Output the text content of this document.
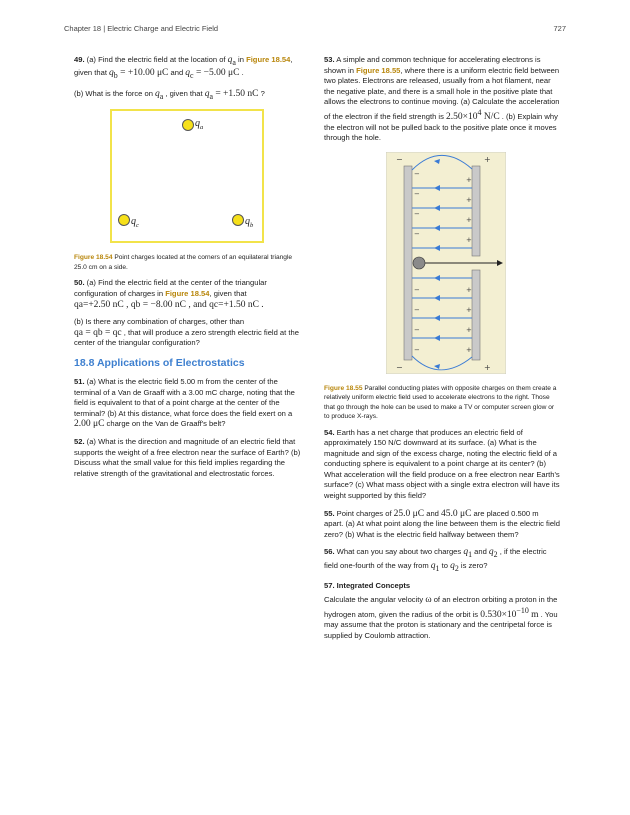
Chapter 18 | Electric Charge and Electric Field	727

49. (a) Find the electric field at the location of $q_a$ in Figure 18.54, given that $q_b = +10.00$ μC and $q_c = -5.00$ μC .

(b) What is the force on $q_a$ , given that $q_a = +1.50$ nC ?

$q_a$
$q_c$	$q_b$

Figure 18.54 Point charges located at the corners of an equilateral triangle 25.0 cm on a side.

50. (a) Find the electric field at the center of the triangular configuration of charges in Figure 18.54, given that
qa=+2.50 nC , qb = −8.00 nC , and qc=+1.50 nC .

(b) Is there any combination of charges, other than
qa = qb = qc , that will produce a zero strength electric field at the center of the triangular configuration?

18.8 Applications of Electrostatics

51. (a) What is the electric field 5.00 m from the center of the terminal of a Van de Graaff with a 3.00 mC charge, noting that the field is equivalent to that of a point charge at the center of the terminal? (b) At this distance, what force does the field exert on a 2.00 μC charge on the Van de Graaff's belt?

52. (a) What is the direction and magnitude of an electric field that supports the weight of a free electron near the surface of Earth? (b) Discuss what the small value for this field implies regarding the relative strength of the gravitational and electrostatic forces.

53. A simple and common technique for accelerating electrons is shown in Figure 18.55, where there is a uniform electric field between two plates. Electrons are released, usually from a hot filament, near the negative plate, and there is a small hole in the positive plate that allows the electrons to continue moving. (a) Calculate the acceleration of the electron if the field strength is $2.50\times 10^4$ N/C . (b) Explain why the electron will not be pulled back to the positive plate once it moves through the hole.

−
−
+
+
−
−
−
−
−
−
−
−
+
+
+
+
+
+
+
+

Figure 18.55 Parallel conducting plates with opposite charges on them create a relatively uniform electric field used to accelerate electrons to the right. Those that go through the hole can be used to make a TV or computer screen glow or to produce X-rays.

54. Earth has a net charge that produces an electric field of approximately 150 N/C downward at its surface. (a) What is the magnitude and sign of the excess charge, noting the electric field of a conducting sphere is equivalent to a point charge at its center? (b) What acceleration will the field produce on a free electron near Earth's surface? (c) What mass object with a single extra electron will have its weight supported by this field?

55. Point charges of 25.0 μC and 45.0 μC are placed 0.500 m apart. (a) At what point along the line between them is the electric field zero? (b) What is the electric field halfway between them?

56. What can you say about two charges $q_1$ and $q_2$ , if the electric field one-fourth of the way from $q_1$ to $q_2$ is zero?

57. Integrated Concepts

Calculate the angular velocity ω of an electron orbiting a proton in the hydrogen atom, given the radius of the orbit is $0.530\times 10^{-10}$ m . You may assume that the proton is stationary and the centripetal force is supplied by Coulomb attraction.
